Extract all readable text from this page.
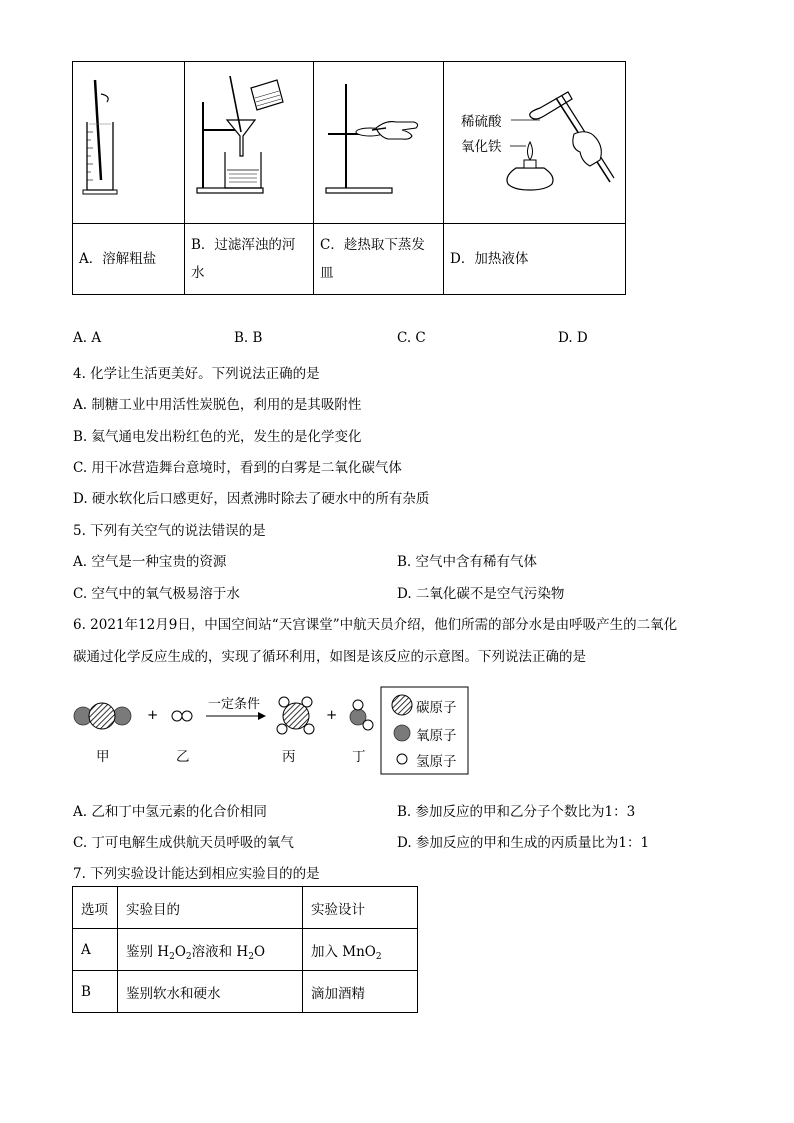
稀硫酸
氧化铁

A．溶解粗盐	B．过滤浑浊的河水	C．趁热取下蒸发皿	D．加热液体
A. A	B. B	C. C	D. D
4. 化学让生活更美好。下列说法正确的是
A. 制糖工业中用活性炭脱色，利用的是其吸附性
B. 氦气通电发出粉红色的光，发生的是化学变化
C. 用干冰营造舞台意境时，看到的白雾是二氧化碳气体
D. 硬水软化后口感更好，因煮沸时除去了硬水中的所有杂质
5. 下列有关空气的说法错误的是
A. 空气是一种宝贵的资源	B. 空气中含有稀有气体
C. 空气中的氧气极易溶于水	D. 二氧化碳不是空气污染物
6. 2021年12月9日，中国空间站“天宫课堂”中航天员介绍，他们所需的部分水是由呼吸产生的二氧化
碳通过化学反应生成的，实现了循环利用，如图是该反应的示意图。下列说法正确的是
+	+
一定条件
甲	乙	丙	丁
碳原子
氧原子
氢原子
A. 乙和丁中氢元素的化合价相同	B. 参加反应的甲和乙分子个数比为1：3
C. 丁可电解生成供航天员呼吸的氧气	D. 参加反应的甲和生成的丙质量比为1：1
7. 下列实验设计能达到相应实验目的的是
选项	实验目的	实验设计
A	鉴别 $H_2O_2$溶液和 $H_2O$	加入 MnO$_2$
B	鉴别软水和硬水	滴加酒精
